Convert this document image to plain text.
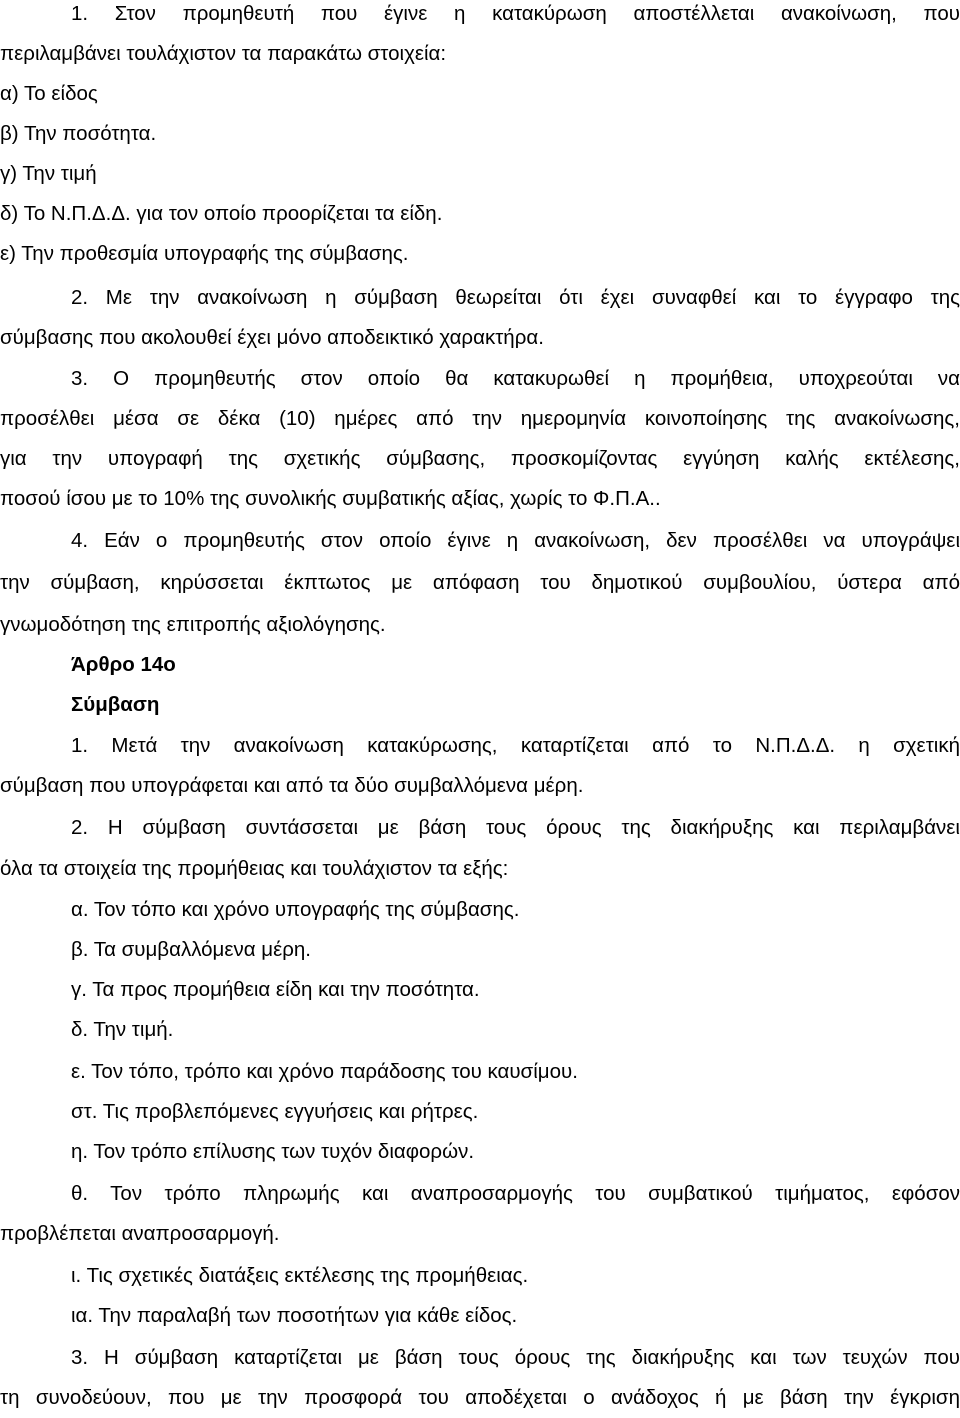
1. Στον προμηθευτή που έγινε η κατακύρωση αποστέλλεται ανακοίνωση, που
περιλαμβάνει τουλάχιστον τα παρακάτω στοιχεία:
α) Το είδος
β) Την ποσότητα.
γ) Την τιμή
δ) Το Ν.Π.Δ.Δ. για τον οποίο προορίζεται τα είδη.
ε) Την προθεσμία υπογραφής της σύμβασης.
2. Με την ανακοίνωση η σύμβαση θεωρείται ότι έχει συναφθεί και το έγγραφο της
σύμβασης που ακολουθεί έχει μόνο αποδεικτικό χαρακτήρα.
3. Ο προμηθευτής στον οποίο θα κατακυρωθεί η προμήθεια, υποχρεούται να
προσέλθει μέσα σε δέκα (10) ημέρες από την ημερομηνία κοινοποίησης της ανακοίνωσης,
για την υπογραφή της σχετικής σύμβασης, προσκομίζοντας εγγύηση καλής εκτέλεσης,
ποσού ίσου με το 10% της συνολικής συμβατικής αξίας, χωρίς το Φ.Π.Α..
4. Εάν ο προμηθευτής στον οποίο έγινε η ανακοίνωση, δεν προσέλθει να υπογράψει
την σύμβαση, κηρύσσεται έκπτωτος με απόφαση του δημοτικού συμβουλίου, ύστερα από
γνωμοδότηση της επιτροπής αξιολόγησης.
Άρθρο 14ο
Σύμβαση
1. Μετά την ανακοίνωση κατακύρωσης, καταρτίζεται από το Ν.Π.Δ.Δ. η σχετική
σύμβαση που υπογράφεται και από τα δύο συμβαλλόμενα μέρη.
2. Η σύμβαση συντάσσεται με βάση τους όρους της διακήρυξης και περιλαμβάνει
όλα τα στοιχεία της προμήθειας και τουλάχιστον τα εξής:
α. Τον τόπο και χρόνο υπογραφής της σύμβασης.
β. Τα συμβαλλόμενα μέρη.
γ. Τα προς προμήθεια είδη και την ποσότητα.
δ. Την τιμή.
ε. Τον τόπο, τρόπο και χρόνο παράδοσης του καυσίμου.
στ. Τις προβλεπόμενες εγγυήσεις και ρήτρες.
η. Τον τρόπο επίλυσης των τυχόν διαφορών.
θ. Τον τρόπο πληρωμής και αναπροσαρμογής του συμβατικού τιμήματος, εφόσον
προβλέπεται αναπροσαρμογή.
ι. Τις σχετικές διατάξεις εκτέλεσης της προμήθειας.
ια. Την παραλαβή των ποσοτήτων για κάθε είδος.
3. Η σύμβαση καταρτίζεται με βάση τους όρους της διακήρυξης και των τευχών που
τη συνοδεύουν, που με την προσφορά του αποδέχεται ο ανάδοχος ή με βάση την έγκριση
